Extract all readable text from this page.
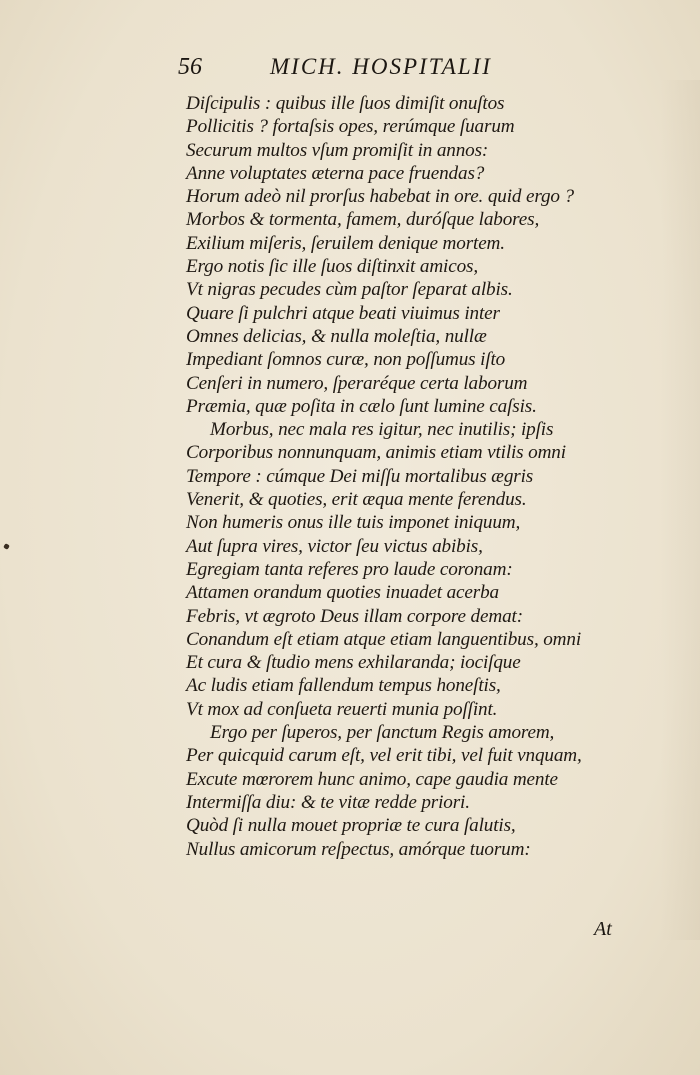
56	MICH. HOSPITALII
Diſcipulis : quibus ille ſuos dimiſit onuſtos
Pollicitis ? fortaſsis opes, rerúmque ſuarum
Securum multos vſum promiſit in annos:
Anne voluptates æterna pace fruendas?
Horum adeò nil prorſus habebat in ore. quid ergo ?
Morbos & tormenta, famem, duróſque labores,
Exilium miſeris, ſeruilem denique mortem.
Ergo notis ſic ille ſuos diſtinxit amicos,
Vt nigras pecudes cùm paſtor ſeparat albis.
Quare ſi pulchri atque beati viuimus inter
Omnes delicias, & nulla moleſtia, nullæ
Impediant ſomnos curæ, non poſſumus iſto
Cenſeri in numero, ſperaréque certa laborum
Præmia, quæ poſita in cælo ſunt lumine caſsis.
Morbus, nec mala res igitur, nec inutilis; ipſis
Corporibus nonnunquam, animis etiam vtilis omni
Tempore : cúmque Dei miſſu mortalibus ægris
Venerit, & quoties, erit æqua mente ferendus.
Non humeris onus ille tuis imponet iniquum,
Aut ſupra vires, victor ſeu victus abibis,
Egregiam tanta referes pro laude coronam:
Attamen orandum quoties inuadet acerba
Febris, vt ægroto Deus illam corpore demat:
Conandum eſt etiam atque etiam languentibus, omni
Et cura & ſtudio mens exhilaranda; iociſque
Ac ludis etiam fallendum tempus honeſtis,
Vt mox ad conſueta reuerti munia poſſint.
Ergo per ſuperos, per ſanctum Regis amorem,
Per quicquid carum eſt, vel erit tibi, vel fuit vnquam,
Excute mœrorem hunc animo, cape gaudia mente
Intermiſſa diu: & te vitæ redde priori.
Quòd ſi nulla mouet propriæ te cura ſalutis,
Nullus amicorum reſpectus, amórque tuorum:
At
